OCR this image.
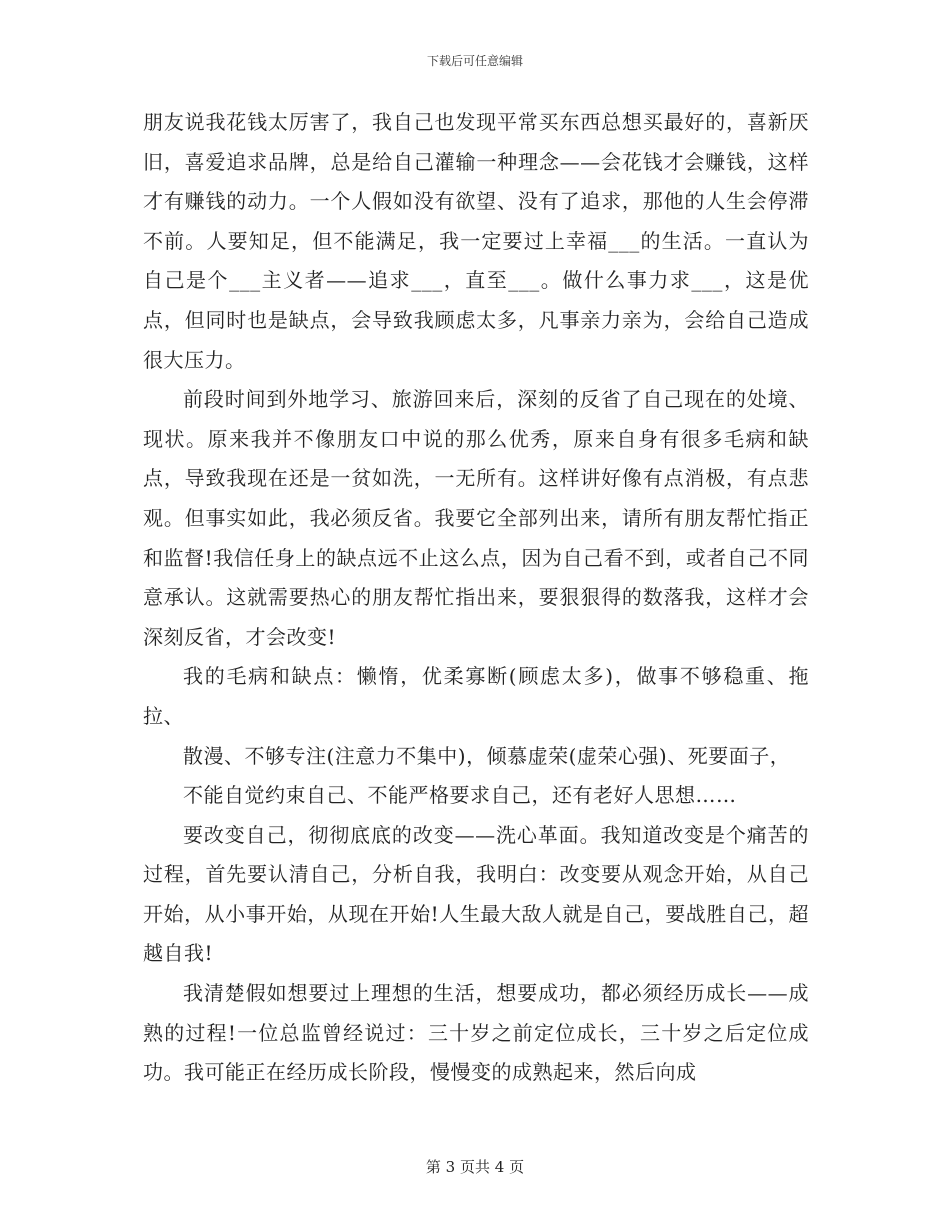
下载后可任意编辑

朋友说我花钱太厉害了，我自己也发现平常买东西总想买最好的，喜新厌旧，喜爱追求品牌，总是给自己灌输一种理念——会花钱才会赚钱，这样才有赚钱的动力。一个人假如没有欲望、没有了追求，那他的人生会停滞不前。人要知足，但不能满足，我一定要过上幸福___的生活。一直认为自己是个___主义者——追求___，直至___。做什么事力求___，这是优点，但同时也是缺点，会导致我顾虑太多，凡事亲力亲为，会给自己造成很大压力。

前段时间到外地学习、旅游回来后，深刻的反省了自己现在的处境、现状。原来我并不像朋友口中说的那么优秀，原来自身有很多毛病和缺点，导致我现在还是一贫如洗，一无所有。这样讲好像有点消极，有点悲观。但事实如此，我必须反省。我要它全部列出来，请所有朋友帮忙指正和监督!我信任身上的缺点远不止这么点，因为自己看不到，或者自己不同意承认。这就需要热心的朋友帮忙指出来，要狠狠得的数落我，这样才会深刻反省，才会改变!

我的毛病和缺点：懒惰，优柔寡断(顾虑太多)，做事不够稳重、拖拉、

散漫、不够专注(注意力不集中)，倾慕虚荣(虚荣心强)、死要面子，

不能自觉约束自己、不能严格要求自己，还有老好人思想……

要改变自己，彻彻底底的改变——洗心革面。我知道改变是个痛苦的过程，首先要认清自己，分析自我，我明白：改变要从观念开始，从自己开始，从小事开始，从现在开始!人生最大敌人就是自己，要战胜自己，超越自我!

我清楚假如想要过上理想的生活，想要成功，都必须经历成长——成熟的过程!一位总监曾经说过：三十岁之前定位成长，三十岁之后定位成功。我可能正在经历成长阶段，慢慢变的成熟起来，然后向成

第 3 页共 4 页
